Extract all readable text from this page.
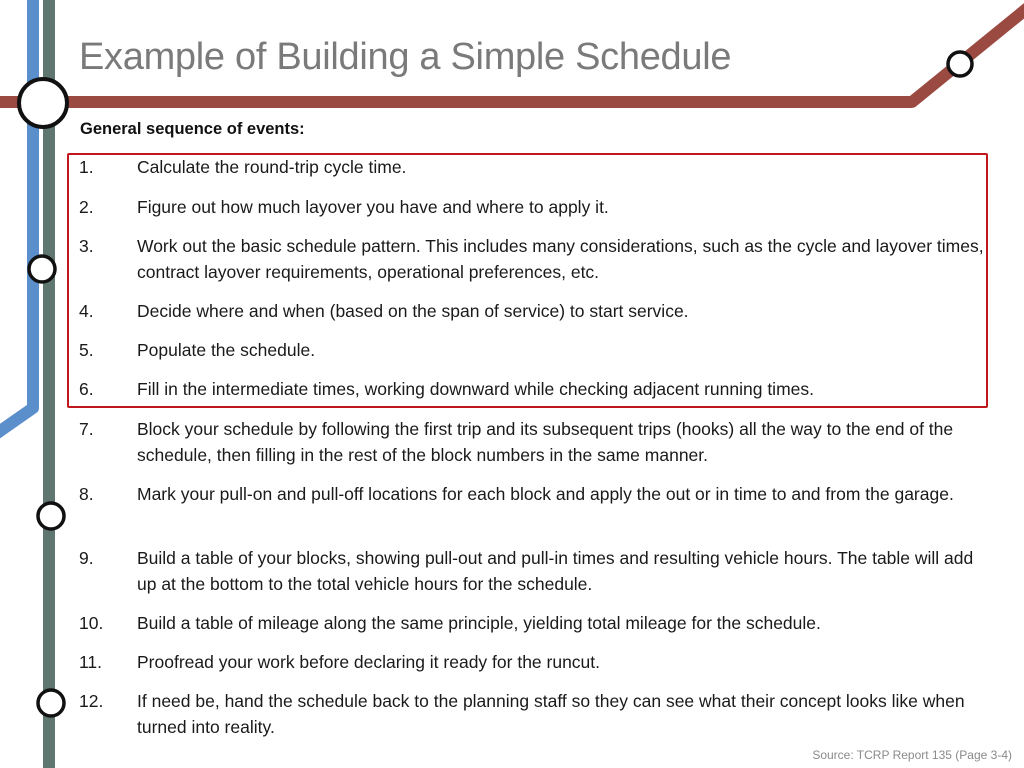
Example of Building a Simple Schedule
General sequence of events:
1. Calculate the round-trip cycle time.
2. Figure out how much layover you have and where to apply it.
3. Work out the basic schedule pattern. This includes many considerations, such as the cycle and layover times, contract layover requirements, operational preferences, etc.
4. Decide where and when (based on the span of service) to start service.
5. Populate the schedule.
6. Fill in the intermediate times, working downward while checking adjacent running times.
7. Block your schedule by following the first trip and its subsequent trips (hooks) all the way to the end of the schedule, then filling in the rest of the block numbers in the same manner.
8. Mark your pull-on and pull-off locations for each block and apply the out or in time to and from the garage.
9. Build a table of your blocks, showing pull-out and pull-in times and resulting vehicle hours. The table will add up at the bottom to the total vehicle hours for the schedule.
10. Build a table of mileage along the same principle, yielding total mileage for the schedule.
11. Proofread your work before declaring it ready for the runcut.
12. If need be, hand the schedule back to the planning staff so they can see what their concept looks like when turned into reality.
Source: TCRP Report 135 (Page 3-4)
